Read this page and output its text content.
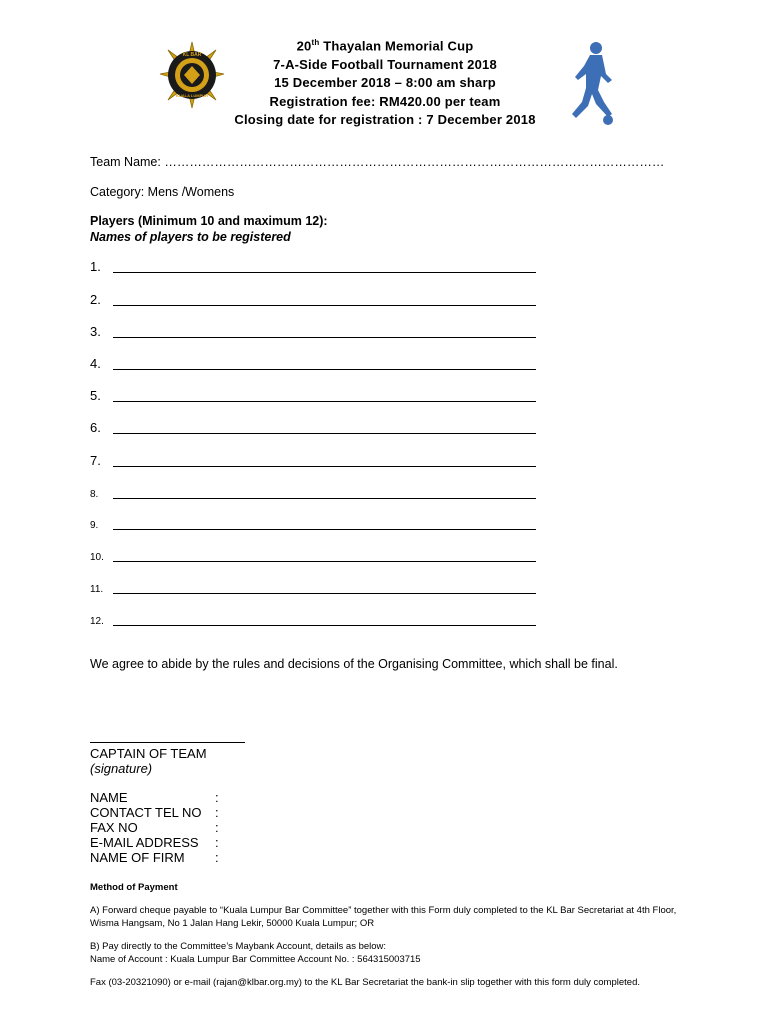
KL BAR
KUALA LUMPUR
20th Thayalan Memorial Cup
7-A-Side Football Tournament 2018
15 December 2018 – 8:00 am sharp
Registration fee: RM420.00 per team
Closing date for registration : 7 December 2018
Team Name: …………………………………………………………………………………………………………
Category: Mens /Womens
Players (Minimum 10 and maximum 12):
Names of players to be registered
1.
2.
3.
4.
5.
6.
7.
8.
9.
10.
11.
12.
We agree to abide by the rules and decisions of the Organising Committee, which shall be final.
CAPTAIN OF TEAM
(signature)
NAME	:
CONTACT TEL NO :
FAX NO	:
E-MAIL ADDRESS :
NAME OF FIRM :
Method of Payment
A) Forward cheque payable to “Kuala Lumpur Bar Committee” together with this Form duly completed to the KL Bar Secretariat at 4th Floor, Wisma Hangsam, No 1 Jalan Hang Lekir, 50000 Kuala Lumpur; OR
B) Pay directly to the Committee’s Maybank Account, details as below:
Name of Account : Kuala Lumpur Bar Committee Account No. : 564315003715
Fax (03-20321090) or e-mail (rajan@klbar.org.my) to the KL Bar Secretariat the bank-in slip together with this form duly completed.
